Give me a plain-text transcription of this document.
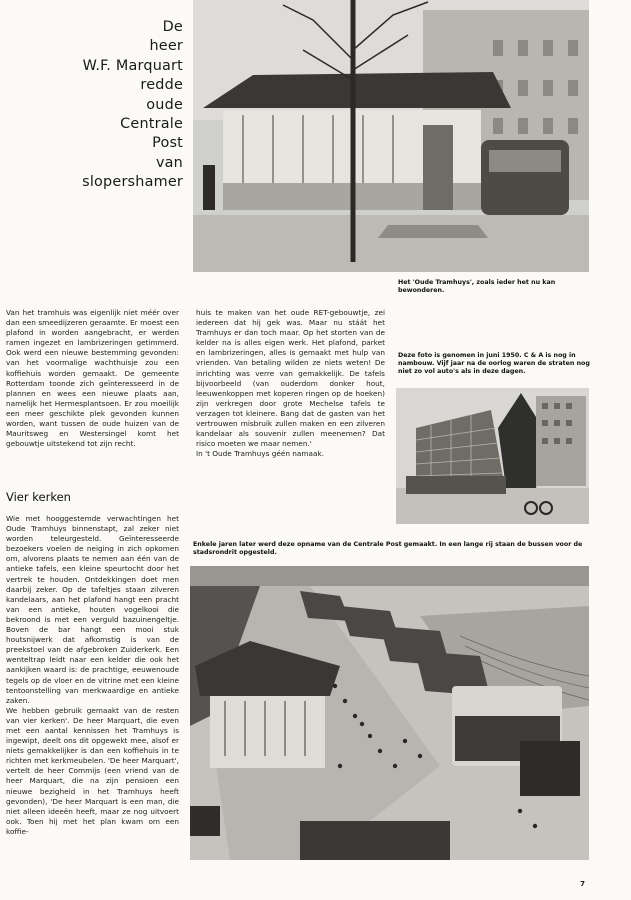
De
heer
W.F. Marquart
redde
oude
Centrale
Post
van
slopershamer
Het 'Oude Tramhuys', zoals ieder het nu kan bewonderen.
Deze foto is genomen in juni 1950. C & A is nog in nambouw. Vijf jaar na de oorlog waren de straten nog niet zo vol auto's als in deze dagen.
Enkele jaren later werd deze opname van de Centrale Post gemaakt. In een lange rij staan de bussen voor de stadsrondrit opgesteld.

Van het tramhuis was eigenlijk niet méér over dan een smeedijzeren geraamte. Er moest een plafond in worden aangebracht, er werden ramen ingezet en lambrizeringen getimmerd. Ook werd een nieuwe bestemming gevonden: van het voormalige wachthuisje zou een koffiehuis worden gemaakt. De gemeente Rotterdam toonde zich geïnteresseerd in de plannen en wees een nieuwe plaats aan, namelijk het Hermesplantsoen. Er zou moeilijk een meer geschikte plek gevonden kunnen worden, want tussen de oude huizen van de Mauritsweg en Westersingel komt het gebouwtje uitstekend tot zijn recht.

Vier kerken

Wie met hooggestemde verwachtingen het Oude Tramhuys binnenstapt, zal zeker niet worden teleurgesteld. Geïnteresseerde bezoekers voelen de neiging in zich opkomen om, alvorens plaats te nemen aan één van de antieke tafels, een kleine speurtocht door het vertrek te houden. Ontdekkingen doet men daarbij zeker. Op de tafeltjes staan zilveren kandelaars, aan het plafond hangt een pracht van een antieke, houten vogelkooi die bekroond is met een verguld bazuinengeltje. Boven de bar hangt een mooi stuk houtsnijwerk dat afkomstig is van de preekstoel van de afgebroken Zuiderkerk. Een wenteltrap leidt naar een kelder die ook het aankijken waard is: de prachtige, eeuwenoude tegels op de vloer en de vitrine met een kleine tentoonstelling van merkwaardige en antieke zaken.

We hebben gebruik gemaakt van de resten van vier kerken'. De heer Marquart, die even met een aantal kennissen het Tramhuys is ingewipt, deelt ons dit opgewekt mee, alsof er niets gemakkelijker is dan een koffiehuis in te richten met kerkmeubelen. 'De heer Marquart', vertelt de heer Commijs (een vriend van de heer Marquart, die na zijn pensioen een nieuwe bezigheid in het Tramhuys heeft gevonden), 'De heer Marquart is een man, die niet alleen ideeën heeft, maar ze nog uitvoert ook. Toen hij met het plan kwam om een koffie-

huis te maken van het oude RET-gebouwtje, zei iedereen dat hij gek was. Maar nu stáát het Tramhuys er dan toch maar. Op het storten van de kelder na is alles eigen werk. Het plafond, parket en lambrizeringen, alles is gemaakt met hulp van vrienden. Van betaling wilden ze niets weten! De inrichting was verre van gemakkelijk. De tafels bijvoorbeeld (van ouderdom donker hout, leeuwenkoppen met koperen ringen op de hoeken) zijn verkregen door grote Mechelse tafels te verzagen tot kleinere. Bang dat de gasten van het vertrouwen misbruik zullen maken en een zilveren kandelaar als souvenir zullen meenemen? Dat risico moeten we maar nemen.'

In 't Oude Tramhuys géén namaak.

7
